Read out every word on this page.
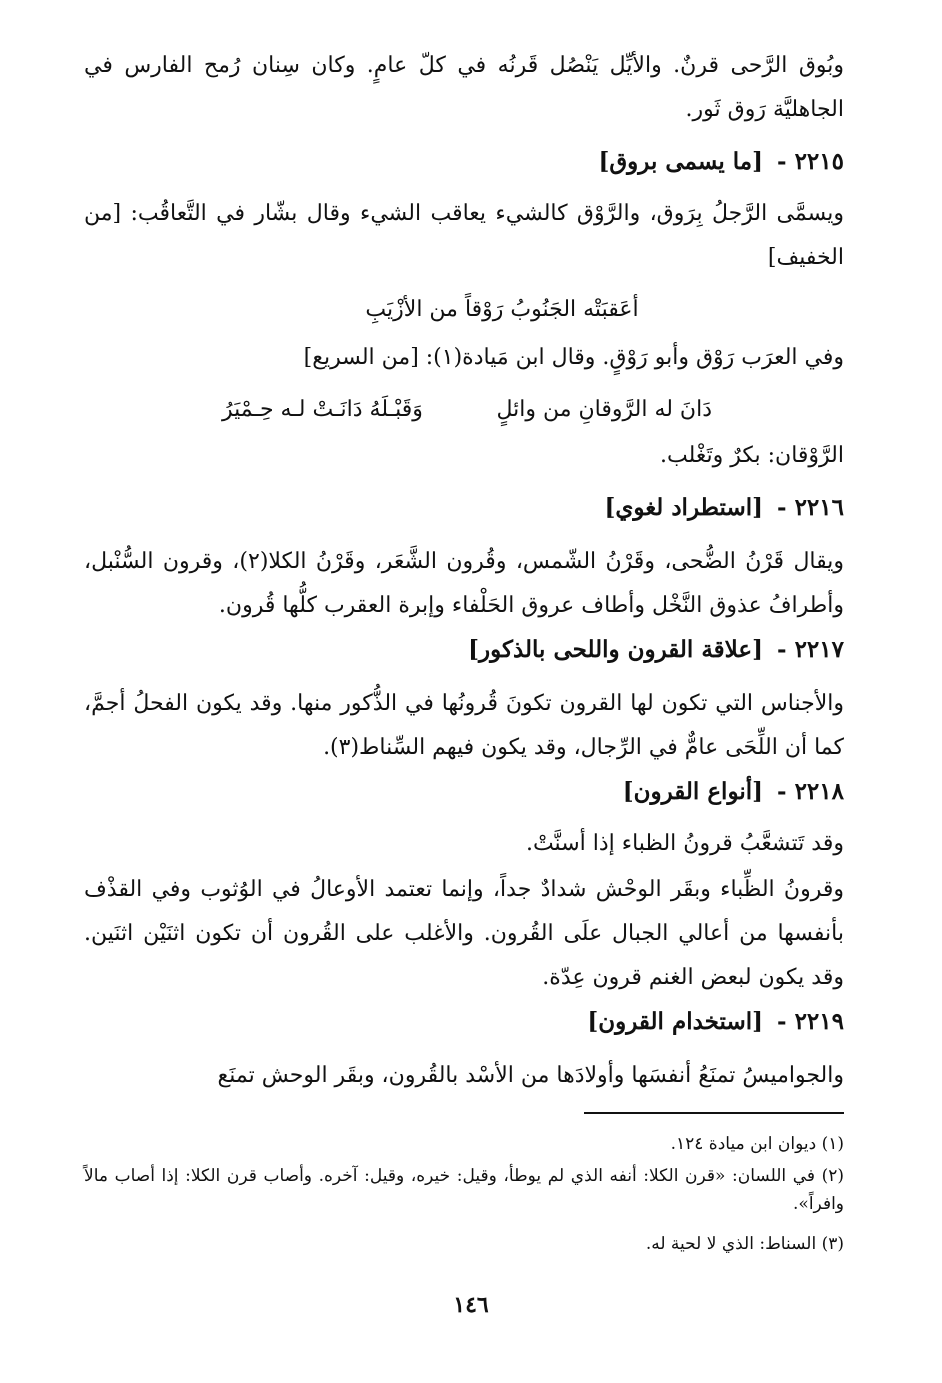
وبُوق الرَّحى قرنٌ. والأيِّل يَنْصُل قَرنُه في كلّ عامٍ. وكان سِنان رُمح الفارس في الجاهليَّة رَوق ثَور.
٢٢١٥ - [ما يسمى بروق]
ويسمَّى الرَّجلُ بِرَوق، والرَّوْق كالشيء يعاقب الشيء وقال بشّار في التَّعاقُب: [من الخفيف]
أعَقبَتْه الجَنُوبُ رَوْقاً من الأزْيَبِ
وفي العرَب رَوْق وأبو رَوْقٍ. وقال ابن مَيادة(١): [من السريع]
دَانَ له الرَّوقانِ من وائلٍ
وَقَبْـلَهُ دَانَـتْ لـه حِـمْيَرُ
الرَّوْقان: بكرٌ وتَغْلب.
٢٢١٦ - [استطراد لغوي]
ويقال قَرْنُ الضُّحى، وقَرْنُ الشّمس، وقُرون الشَّعَر، وقَرْنُ الكلا(٢)، وقرون السُّنْبل، وأطرافُ عذوق النَّخْل وأطاف عروق الحَلْفاء وإبرة العقرب كلُّها قُرون.
٢٢١٧ - [علاقة القرون واللحى بالذكور]
والأجناس التي تكون لها القرون تكونَ قُرونُها في الذُّكور منها. وقد يكون الفحلُ أجمَّ، كما أن اللِّحَى عامٌّ في الرِّجال، وقد يكون فيهم السِّناط(٣).
٢٢١٨ - [أنواع القرون]
وقد تَتشعَّبُ قرونُ الظباء إذا أسنَّتْ.
وقرونُ الظِّباء وبقَر الوحْش شدادٌ جداً، وإنما تعتمد الأوعالُ في الوُثوب وفي القذْف بأنفسها من أعالي الجبال علَى القُرون. والأغلب على القُرون أن تكون اثنَيْن اثنَين. وقد يكون لبعض الغنم قرون عِدّة.
٢٢١٩ - [استخدام القرون]
والجواميسُ تمنَعُ أنفسَها وأولادَها من الأسْد بالقُرون، وبقَر الوحش تمنَع
(١) ديوان ابن ميادة ١٢٤.
(٢) في اللسان: «قرن الكلا: أنفه الذي لم يوطأ، وقيل: خيره، وقيل: آخره. وأصاب قرن الكلا: إذا أصاب مالاً وافراً».
(٣) السناط: الذي لا لحية له.
١٤٦
